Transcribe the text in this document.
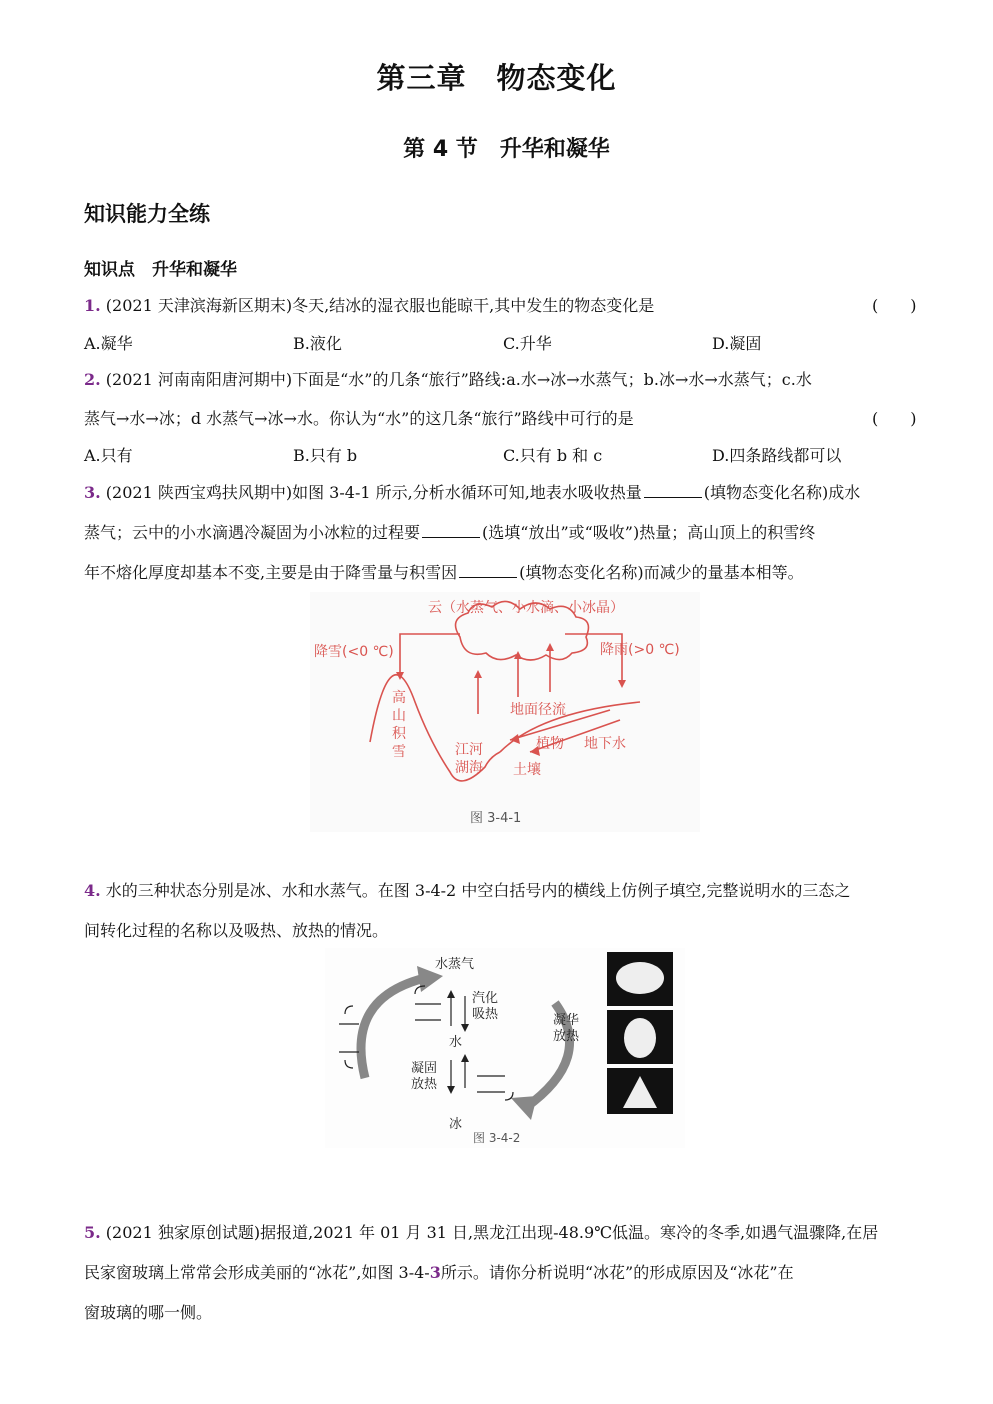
第三章　物态变化
第 4 节　升华和凝华
知识能力全练
知识点　升华和凝华
1. (2021 天津滨海新区期末)冬天,结冰的湿衣服也能晾干,其中发生的物态变化是	(　　)
A.凝华	B.液化	C.升华	D.凝固
2. (2021 河南南阳唐河期中)下面是“水”的几条“旅行”路线:a.水→冰→水蒸气；b.冰→水→水蒸气；c.水
蒸气→水→冰；d 水蒸气→冰→水。你认为“水”的这几条“旅行”路线中可行的是	(　　)
A.只有	B.只有 b	C.只有 b 和 c	D.四条路线都可以
3. (2021 陕西宝鸡扶风期中)如图 3-4-1 所示,分析水循环可知,地表水吸收热量	(填物态变化名称)成水
蒸气；云中的小水滴遇冷凝固为小冰粒的过程要	(选填“放出”或“吸收”)热量；高山顶上的积雪终
年不熔化厚度却基本不变,主要是由于降雪量与积雪因	(填物态变化名称)而减少的量基本相等。
云（水蒸气、小水滴、小冰晶）
降雪(<0 ℃)	降雨(>0 ℃)
高
山
积
雪
地面径流
植物 地下水
江河
湖海 土壤
图 3-4-1
4. 水的三种状态分别是冰、水和水蒸气。在图 3-4-2 中空白括号内的横线上仿例子填空,完整说明水的三态之
间转化过程的名称以及吸热、放热的情况。
水蒸气
汽化
吸热
水
凝固
放热
冰
凝华
放热
图 3-4-2
5. (2021 独家原创试题)据报道,2021 年 01 月 31 日,黑龙江出现-48.9℃低温。寒冷的冬季,如遇气温骤降,在居
民家窗玻璃上常常会形成美丽的“冰花”,如图 3-4-3所示。请你分析说明“冰花”的形成原因及“冰花”在
窗玻璃的哪一侧。
